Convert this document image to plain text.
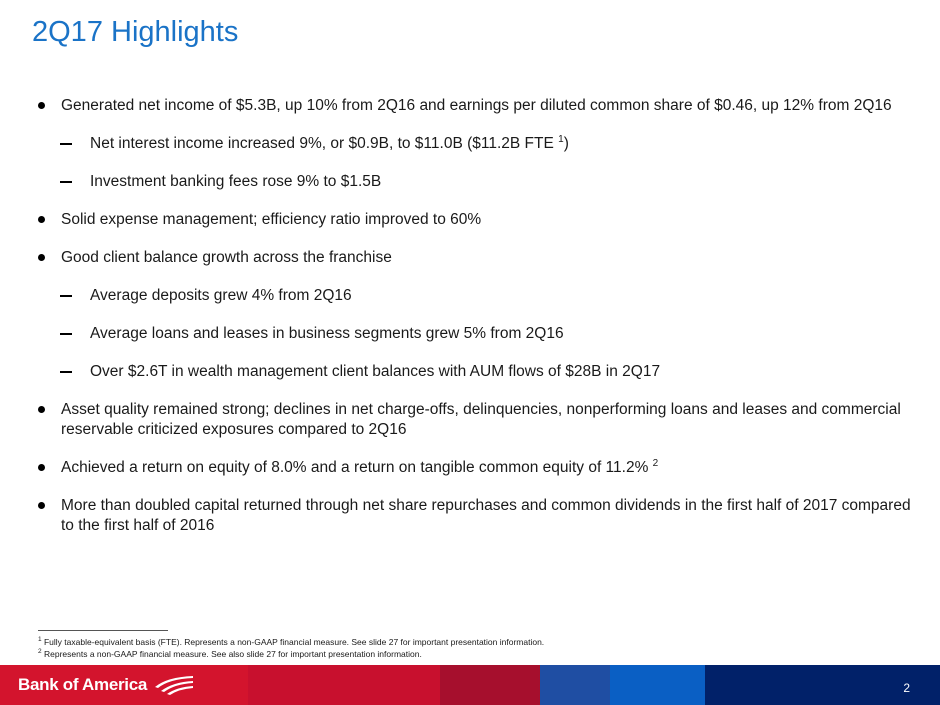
2Q17 Highlights
Generated net income of $5.3B, up 10% from 2Q16 and earnings per diluted common share of $0.46, up 12% from 2Q16
Net interest income increased 9%, or $0.9B, to $11.0B ($11.2B FTE $^1$)
Investment banking fees rose 9% to $1.5B
Solid expense management; efficiency ratio improved to 60%
Good client balance growth across the franchise
Average deposits grew 4% from 2Q16
Average loans and leases in business segments grew 5% from 2Q16
Over $2.6T in wealth management client balances with AUM flows of $28B in 2Q17
Asset quality remained strong; declines in net charge-offs, delinquencies, nonperforming loans and leases and commercial reservable criticized exposures compared to 2Q16
Achieved a return on equity of 8.0% and a return on tangible common equity of 11.2% $^2$
More than doubled capital returned through net share repurchases and common dividends in the first half of 2017 compared to the first half of 2016
$^1$ Fully taxable-equivalent basis (FTE). Represents a non-GAAP financial measure. See slide 27 for important presentation information.
$^2$ Represents a non-GAAP financial measure. See also slide 27 for important presentation information.
Bank of America	2
